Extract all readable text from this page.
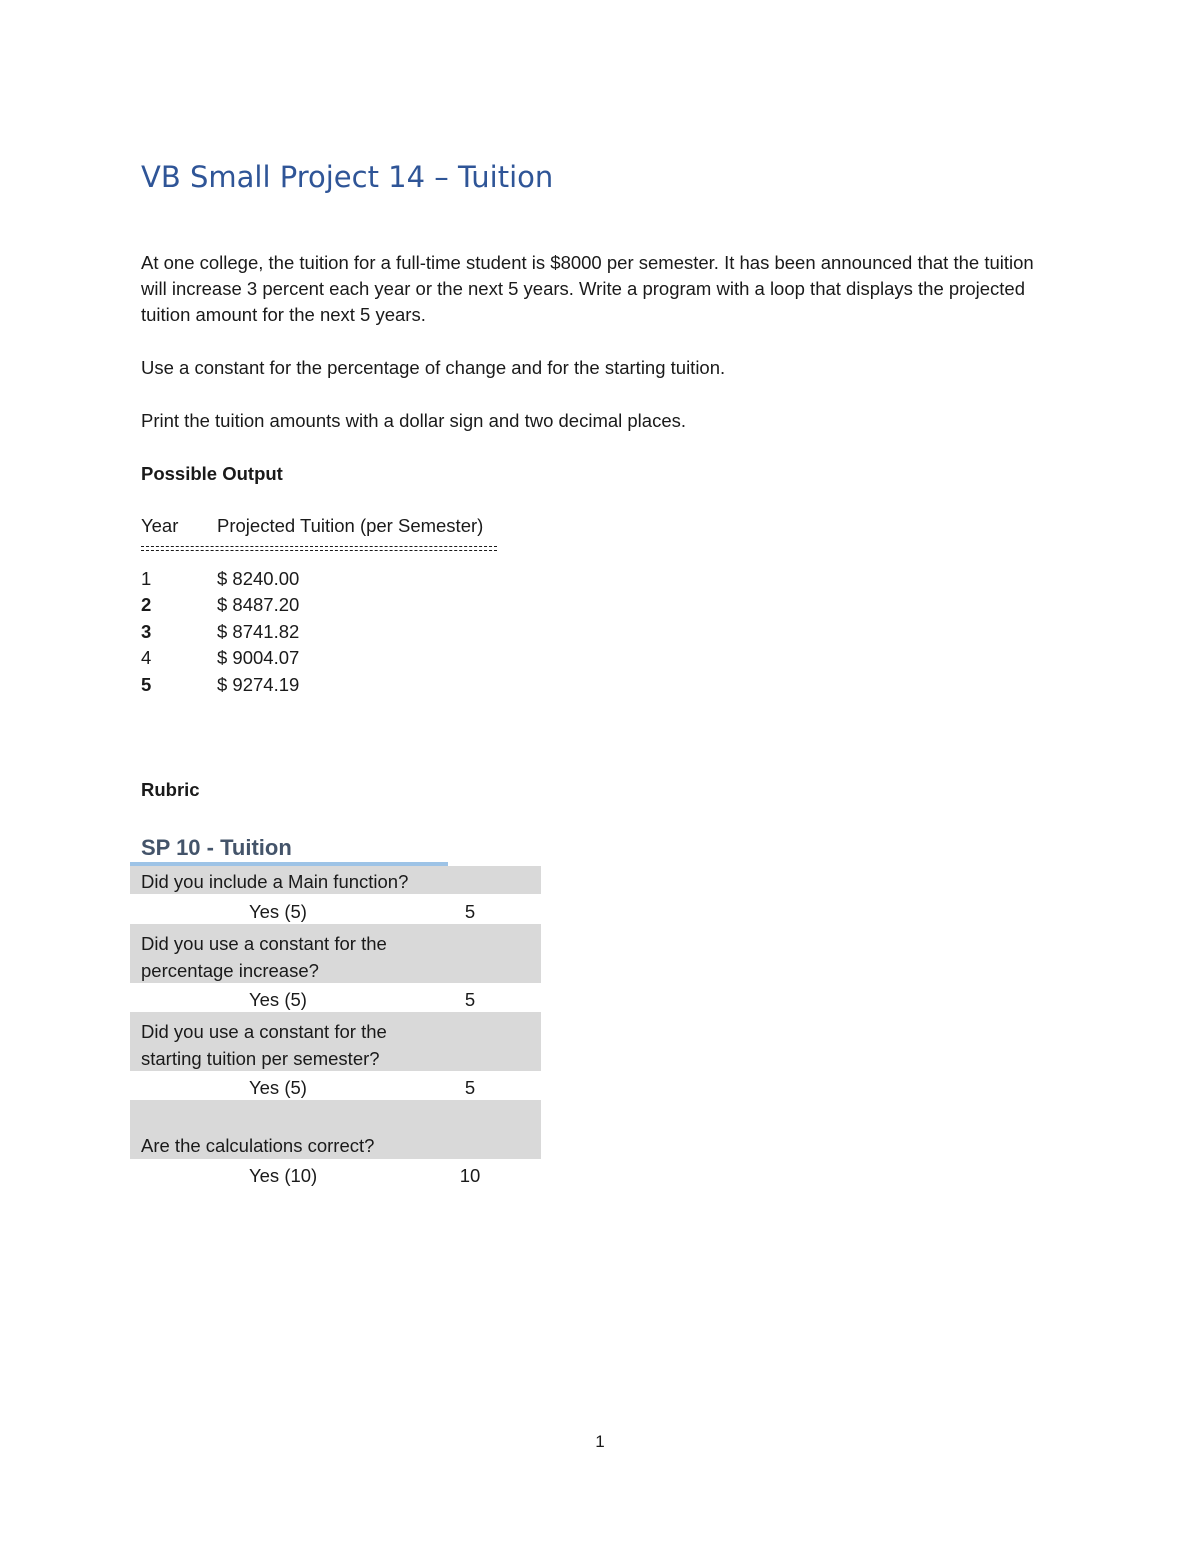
VB Small Project 14 – Tuition
At one college, the tuition for a full-time student is $8000 per semester. It has been announced that the tuition will increase 3 percent each year or the next 5 years. Write a program with a loop that displays the projected tuition amount for the next 5 years.
Use a constant for the percentage of change and for the starting tuition.
Print the tuition amounts with a dollar sign and two decimal places.
Possible Output
Year Projected Tuition (per Semester)
1	$ 8240.00
2	$ 8487.20
3	$ 8741.82
4	$ 9004.07
5	$ 9274.19
Rubric
SP 10 - Tuition
Did you include a Main function?
Yes (5)	5
Did you use a constant for the percentage increase?
Yes (5)	5
Did you use a constant for the starting tuition per semester?
Yes (5)	5
Are the calculations correct?
Yes (10)	10
1
